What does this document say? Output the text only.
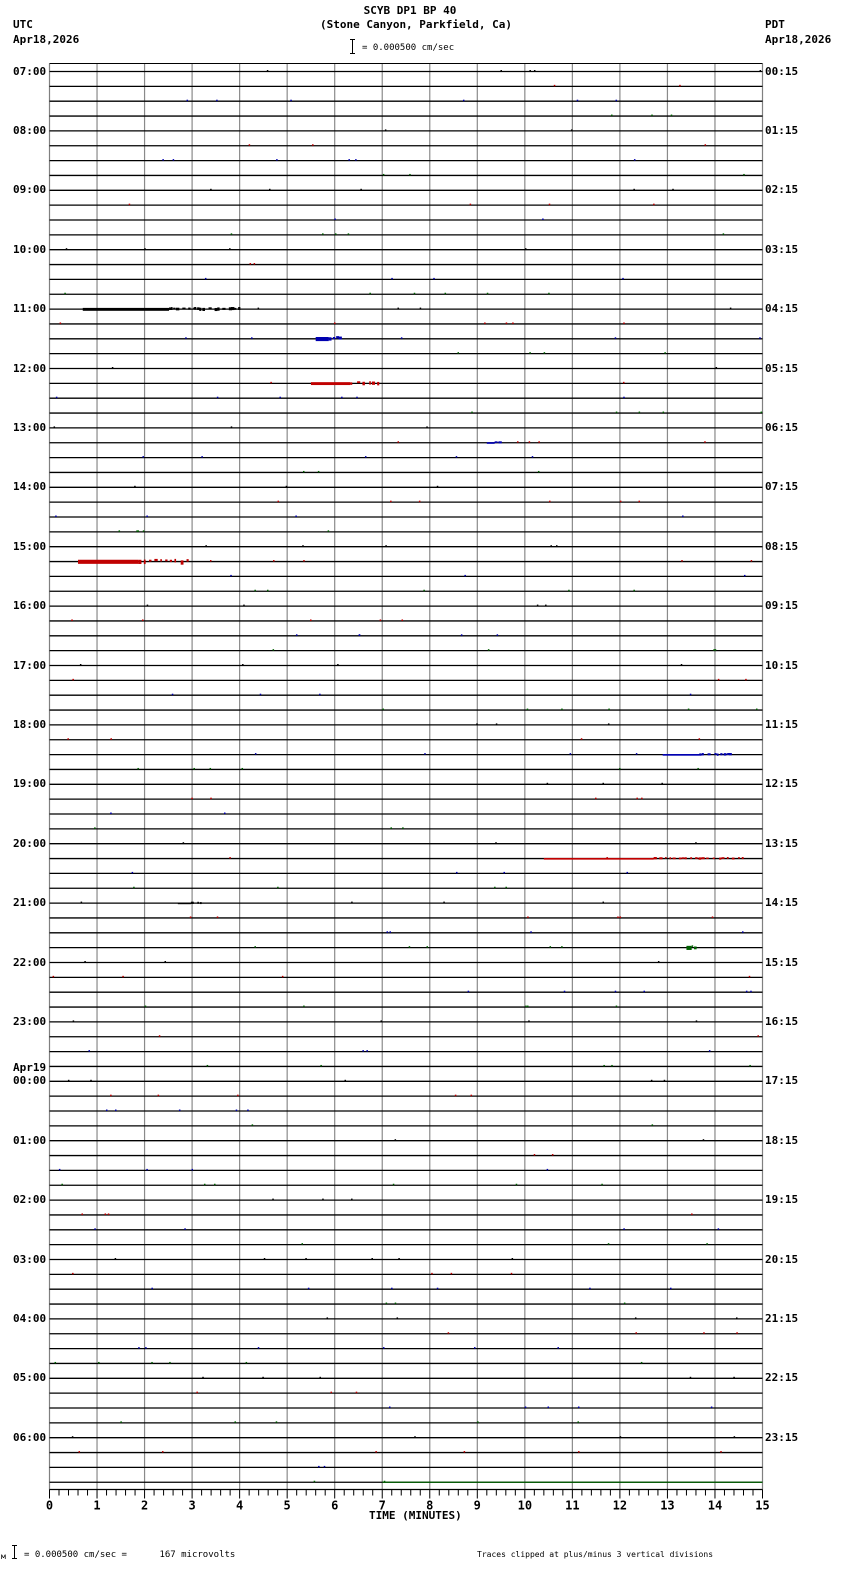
SCYB DP1 BP 40
(Stone Canyon, Parkfield, Ca)
UTC
Apr18,2026
PDT
Apr18,2026
= 0.000500 cm/sec
0	1	2	3	4	5	6	7	8	9	10	11	12	13	14	15
07:00
08:00
09:00
10:00
11:00
12:00
13:00
14:00
15:00
16:00
17:00
18:00
19:00
20:00
21:00
22:00
23:00
00:00
01:00
02:00
03:00
04:00
05:00
06:00
00:15
01:15
02:15
03:15
04:15
05:15
06:15
07:15
08:15
09:15
10:15
11:15
12:15
13:15
14:15
15:15
16:15
17:15
18:15
19:15
20:15
21:15
22:15
23:15
Apr19
TIME (MINUTES)
м = 0.000500 cm/sec =      167 microvolts	Traces clipped at plus/minus 3 vertical divisions
